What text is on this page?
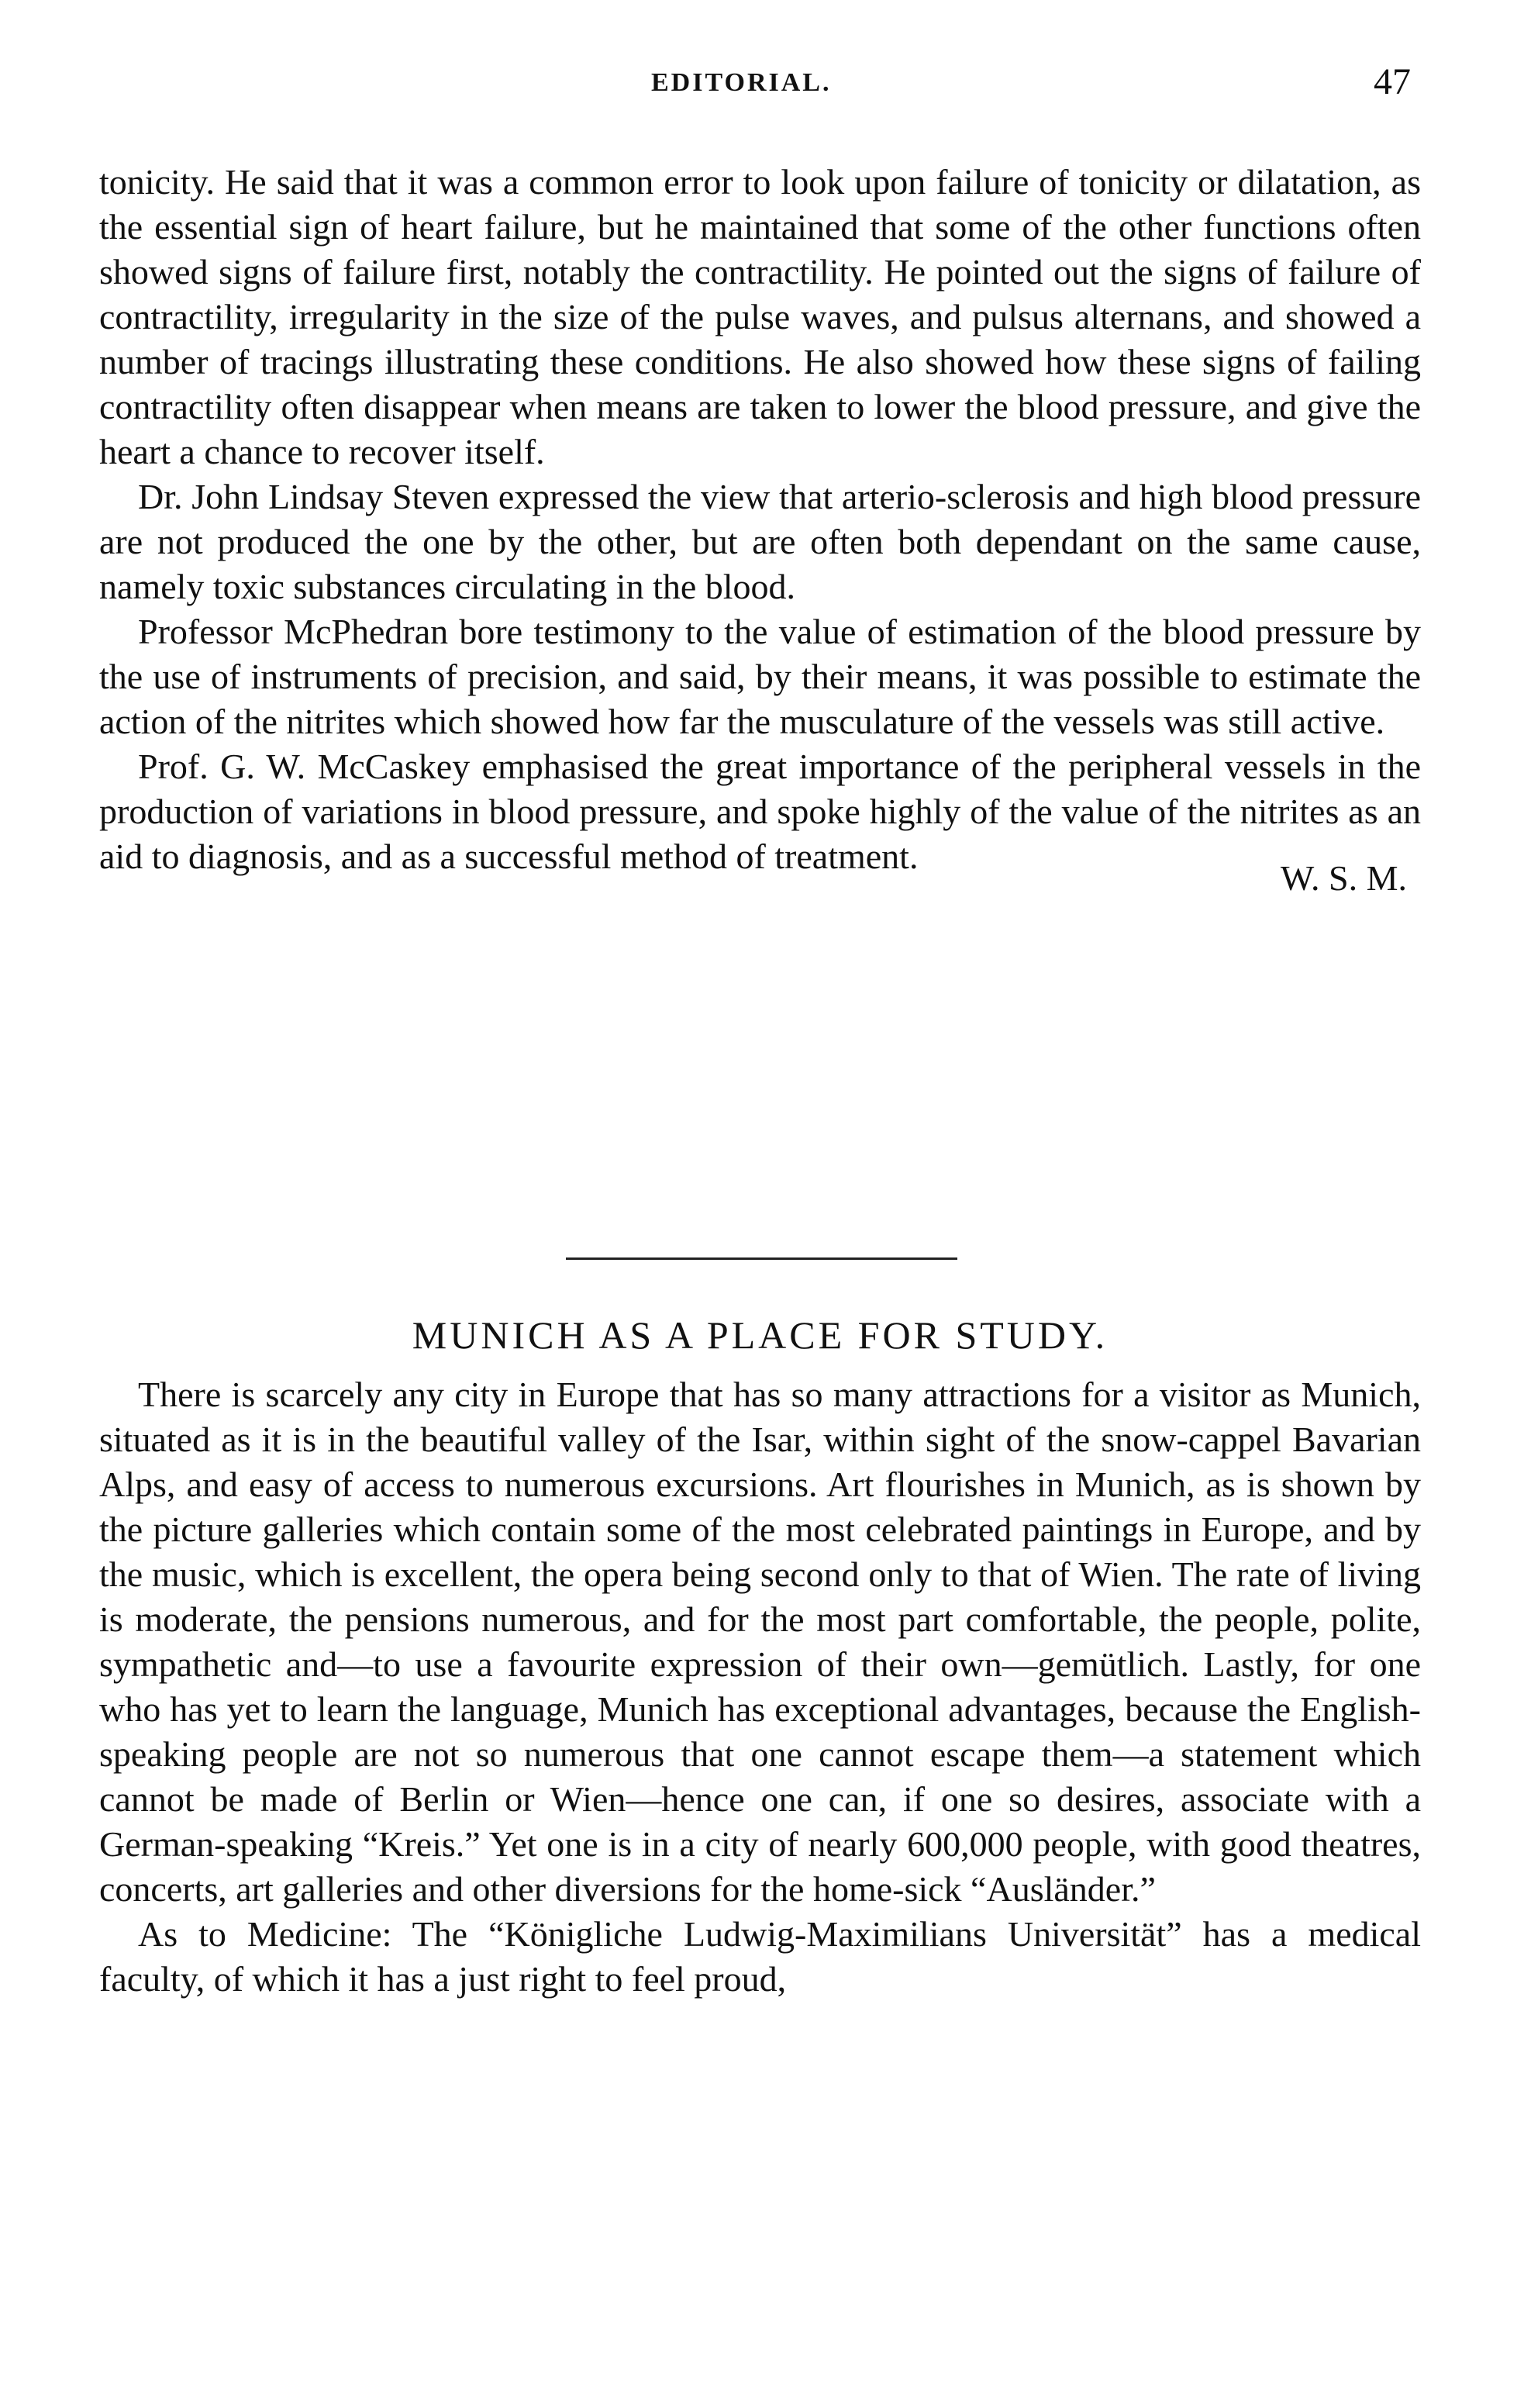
EDITORIAL.	47

tonicity. He said that it was a common error to look upon failure of tonicity or dilatation, as the essential sign of heart failure, but he maintained that some of the other functions often showed signs of failure first, notably the contractility. He pointed out the signs of failure of contractility, irregularity in the size of the pulse waves, and pulsus alternans, and showed a number of tracings illustrating these conditions. He also showed how these signs of failing contractility often disappear when means are taken to lower the blood pressure, and give the heart a chance to recover itself.

Dr. John Lindsay Steven expressed the view that arterio-sclerosis and high blood pressure are not produced the one by the other, but are often both dependant on the same cause, namely toxic substances circulating in the blood.

Professor McPhedran bore testimony to the value of estimation of the blood pressure by the use of instruments of precision, and said, by their means, it was possible to estimate the action of the nitrites which showed how far the musculature of the vessels was still active.

Prof. G. W. McCaskey emphasised the great importance of the peripheral vessels in the production of variations in blood pressure, and spoke highly of the value of the nitrites as an aid to diagnosis, and as a successful method of treatment.

W. S. M.

MUNICH AS A PLACE FOR STUDY.

There is scarcely any city in Europe that has so many attractions for a visitor as Munich, situated as it is in the beautiful valley of the Isar, within sight of the snow-cappel Bavarian Alps, and easy of access to numerous excursions. Art flourishes in Munich, as is shown by the picture galleries which contain some of the most celebrated paintings in Europe, and by the music, which is excellent, the opera being second only to that of Wien. The rate of living is moderate, the pensions numerous, and for the most part comfortable, the people, polite, sympathetic and—to use a favourite expression of their own—gemütlich. Lastly, for one who has yet to learn the language, Munich has exceptional advantages, because the English-speaking people are not so numerous that one cannot escape them—a statement which cannot be made of Berlin or Wien—hence one can, if one so desires, associate with a German-speaking “Kreis.” Yet one is in a city of nearly 600,000 people, with good theatres, concerts, art galleries and other diversions for the home-sick “Ausländer.”

As to Medicine: The “Königliche Ludwig-Maximilians Universität” has a medical faculty, of which it has a just right to feel proud,
